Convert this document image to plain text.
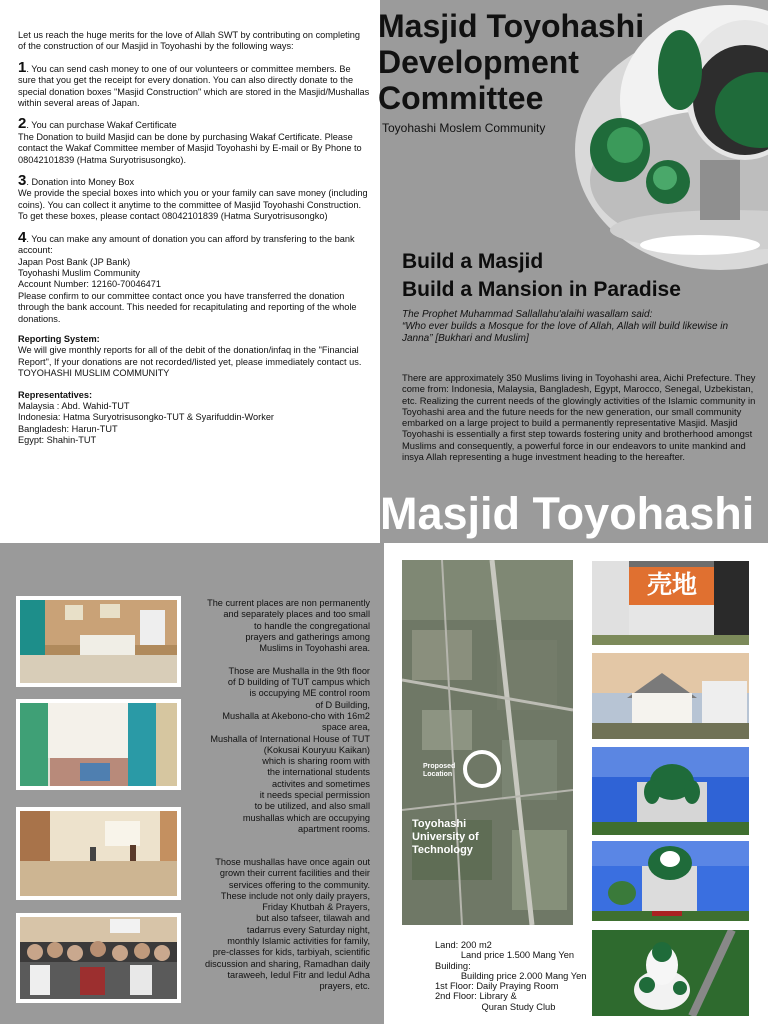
Let us reach the huge merits for the love of Allah SWT by contributing on completing of the construction of our Masjid in Toyohashi by the following ways:

1. You can send cash money to one of our volunteers or committee members. Be sure that you get the receipt for every donation. You can also directly donate to the special donation boxes "Masjid Construction" which are stored in the Masjid/Mushallas within several areas of Japan.

2. You can purchase Wakaf Certificate
The Donation to build Masjid can be done by purchasing Wakaf Certificate. Please contact the Wakaf Committee member of Masjid Toyohashi by E-mail or By Phone to 08042101839 (Hatma Suryotrisusongko).

3. Donation into Money Box
We provide the special boxes into which you or your family can save money (including coins). You can collect it anytime to the committee of Masjid Toyohashi Construction. To get these boxes, please contact 08042101839 (Hatma Suryotrisusongko)

4. You can make any amount of donation you can afford by transfering to the bank account:
Japan Post Bank (JP Bank)
Toyohashi Muslim Community
Account Number: 12160-70046471
Please confirm to our committee contact once you have transferred the donation through the bank account. This needed for recapitulating and reporting of the whole donations.

Reporting System:
We will give monthly reports for all of the debit of the donation/infaq in the "Financial Report", If your donations are not recorded/listed yet, please immediately contact us.
TOYOHASHI MUSLIM COMMUNITY

Representatives:
Malaysia : Abd. Wahid-TUT
Indonesia: Hatma Suryotrisusongko-TUT & Syarifuddin-Worker
Bangladesh: Harun-TUT
Egypt: Shahin-TUT

Masjid Toyohashi
Development
Committee
Toyohashi Moslem Community
Build a Masjid
Build a Mansion in Paradise
The Prophet Muhammad Sallallahu'alaihi wasallam said:
“Who ever builds a Mosque for the love of Allah, Allah will build likewise in Janna” [Bukhari and Muslim]
There are approximately 350 Muslims living in Toyohashi area, Aichi Prefecture. They come from: Indonesia, Malaysia, Bangladesh, Egypt, Marocco, Senegal, Uzbekistan, etc. Realizing the current needs of the glowingly activities of the Islamic community in Toyohashi area and the future needs for the new generation, our small community embarked on a large project to build a permanently representative Masjid. Masjid Toyohashi is essentially a first step towards fostering unity and brotherhood amongst Muslims and consequently, a powerful force in our endeavors to unite mankind and insya Allah representing a huge investment heading to the hereafter.
Masjid Toyohashi
The current places are non permanently
and separately places and too small
to handle the congregational
prayers and gatherings among
Muslims in Toyohashi area.

Those are Mushalla in the 9th floor
of D building of TUT campus which
is occupying ME control room
of D Building,
Mushalla at Akebono-cho with 16m2
space area,
Mushalla of International House of TUT
(Kokusai Kouryuu Kaikan)
which is sharing room with
the international students
activites and sometimes
it needs special permission
to be utilized, and also small
mushallas which are occupying
apartment rooms.
Those mushallas have once again out
grown their current facilities and their
services offering to the community.
These include not only daily prayers,
Friday Khutbah & Prayers,
but also tafseer, tilawah and
tadarrus every Saturday night,
monthly Islamic activities for family,
pre-classes for kids, tarbiyah, scientific
discussion and sharing, Ramadhan daily
taraweeh, Iedul Fitr and Iedul Adha
prayers, etc.
Proposed
Location
Toyohashi
University of
Technology
売地
Land: 200 m2
Land price 1.500 Mang Yen
Building:
Building price 2.000 Mang Yen
1st Floor: Daily Praying Room
2nd Floor: Library &
Quran Study Club
